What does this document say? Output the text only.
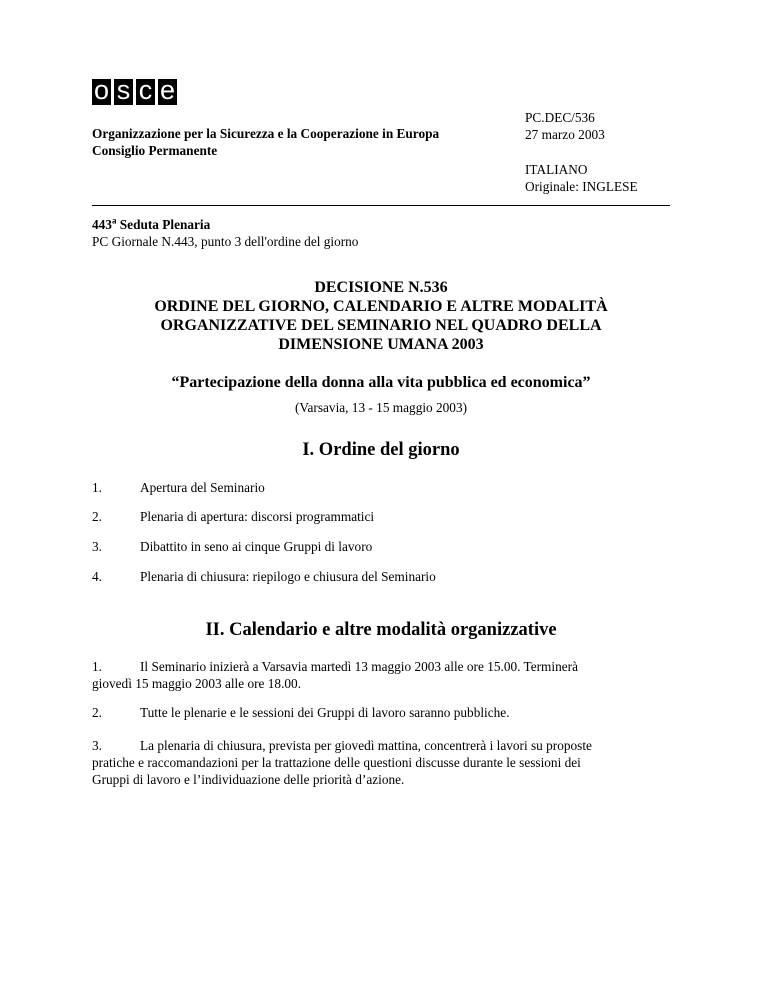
o s c e
Organizzazione per la Sicurezza e la Cooperazione in Europa
Consiglio Permanente
PC.DEC/536
27 marzo 2003
ITALIANO
Originale: INGLESE
443$^a$ Seduta Plenaria
PC Giornale N.443, punto 3 dell'ordine del giorno
DECISIONE N.536
ORDINE DEL GIORNO, CALENDARIO E ALTRE MODALITÀ
ORGANIZZATIVE DEL SEMINARIO NEL QUADRO DELLA
DIMENSIONE UMANA 2003
“Partecipazione della donna alla vita pubblica ed economica”
(Varsavia, 13 - 15 maggio 2003)
I. Ordine del giorno
1.	Apertura del Seminario
2.	Plenaria di apertura: discorsi programmatici
3.	Dibattito in seno ai cinque Gruppi di lavoro
4.	Plenaria di chiusura: riepilogo e chiusura del Seminario
II. Calendario e altre modalità organizzative
1.	Il Seminario inizierà a Varsavia martedì 13 maggio 2003 alle ore 15.00. Terminerà
giovedì 15 maggio 2003 alle ore 18.00.
2.	Tutte le plenarie e le sessioni dei Gruppi di lavoro saranno pubbliche.
3.	La plenaria di chiusura, prevista per giovedì mattina, concentrerà i lavori su proposte
pratiche e raccomandazioni per la trattazione delle questioni discusse durante le sessioni dei
Gruppi di lavoro e l’individuazione delle priorità d’azione.
